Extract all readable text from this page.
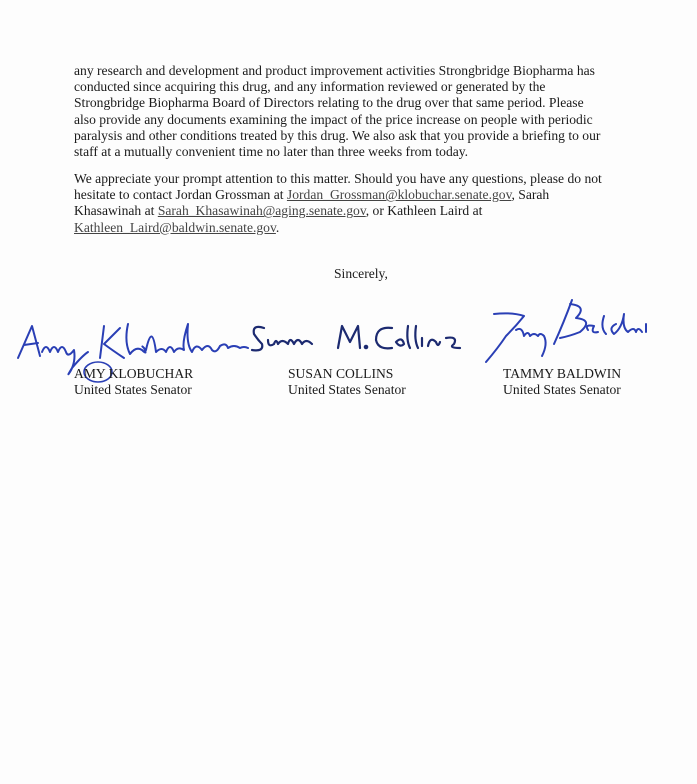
any research and development and product improvement activities Strongbridge Biopharma has
conducted since acquiring this drug, and any information reviewed or generated by the
Strongbridge Biopharma Board of Directors relating to the drug over that same period. Please
also provide any documents examining the impact of the price increase on people with periodic
paralysis and other conditions treated by this drug. We also ask that you provide a briefing to our
staff at a mutually convenient time no later than three weeks from today.

We appreciate your prompt attention to this matter. Should you have any questions, please do not
hesitate to contact Jordan Grossman at Jordan_Grossman@klobuchar.senate.gov, Sarah
Khasawinah at Sarah_Khasawinah@aging.senate.gov, or Kathleen Laird at
Kathleen_Laird@baldwin.senate.gov.

Sincerely,
AMY KLOBUCHAR
United States Senator
SUSAN COLLINS
United States Senator
TAMMY BALDWIN
United States Senator
